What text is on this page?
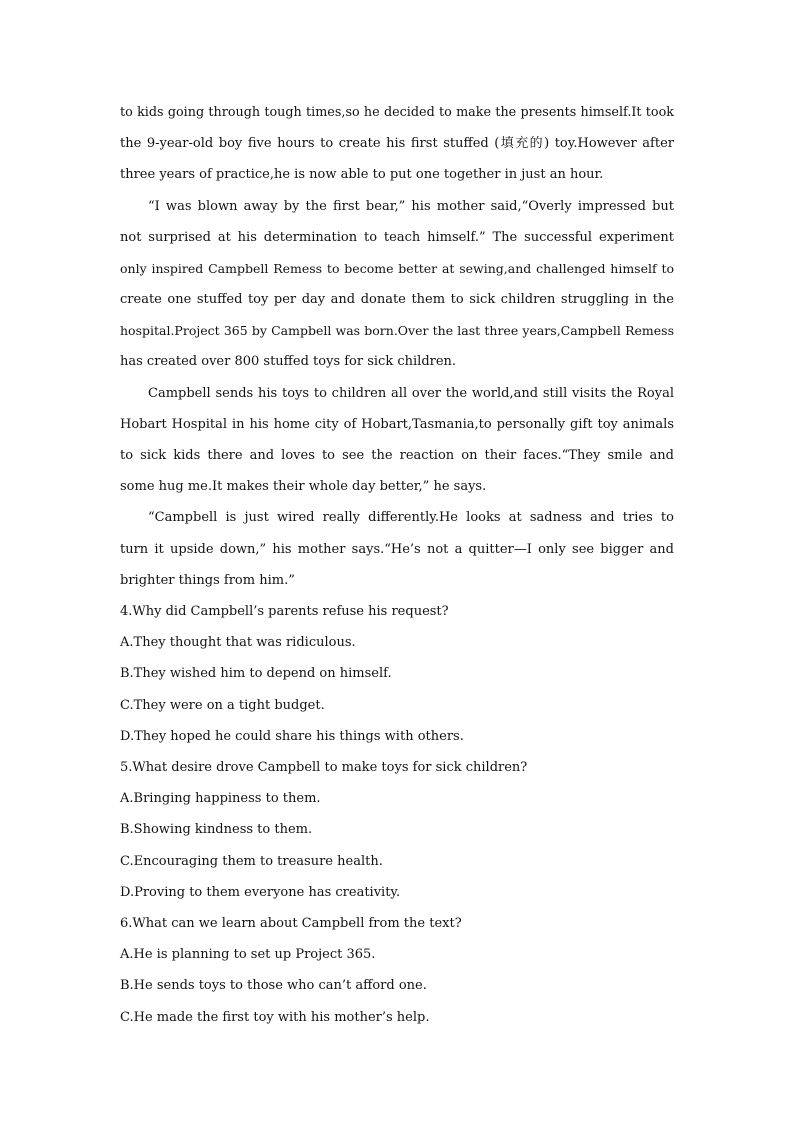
to kids going through tough times,so he decided to make the presents himself.It took
the 9-year-old boy five hours to create his first stuffed (填充的) toy.However after
three years of practice,he is now able to put one together in just an hour.
“I was blown away by the first bear,” his mother said,“Overly impressed but
not surprised at his determination to teach himself.” The successful experiment
only inspired Campbell Remess to become better at sewing,and challenged himself to
create one stuffed toy per day and donate them to sick children struggling in the
hospital.Project 365 by Campbell was born.Over the last three years,Campbell Remess
has created over 800 stuffed toys for sick children.
Campbell sends his toys to children all over the world,and still visits the Royal
Hobart Hospital in his home city of Hobart,Tasmania,to personally gift toy animals
to sick kids there and loves to see the reaction on their faces.“They smile and
some hug me.It makes their whole day better,” he says.
“Campbell is just wired really differently.He looks at sadness and tries to
turn it upside down,” his mother says.“He’s not a quitter—I only see bigger and
brighter things from him.”
4.Why did Campbell’s parents refuse his request?
A.They thought that was ridiculous.
B.They wished him to depend on himself.
C.They were on a tight budget.
D.They hoped he could share his things with others.
5.What desire drove Campbell to make toys for sick children?
A.Bringing happiness to them.
B.Showing kindness to them.
C.Encouraging them to treasure health.
D.Proving to them everyone has creativity.
6.What can we learn about Campbell from the text?
A.He is planning to set up Project 365.
B.He sends toys to those who can’t afford one.
C.He made the first toy with his mother’s help.
